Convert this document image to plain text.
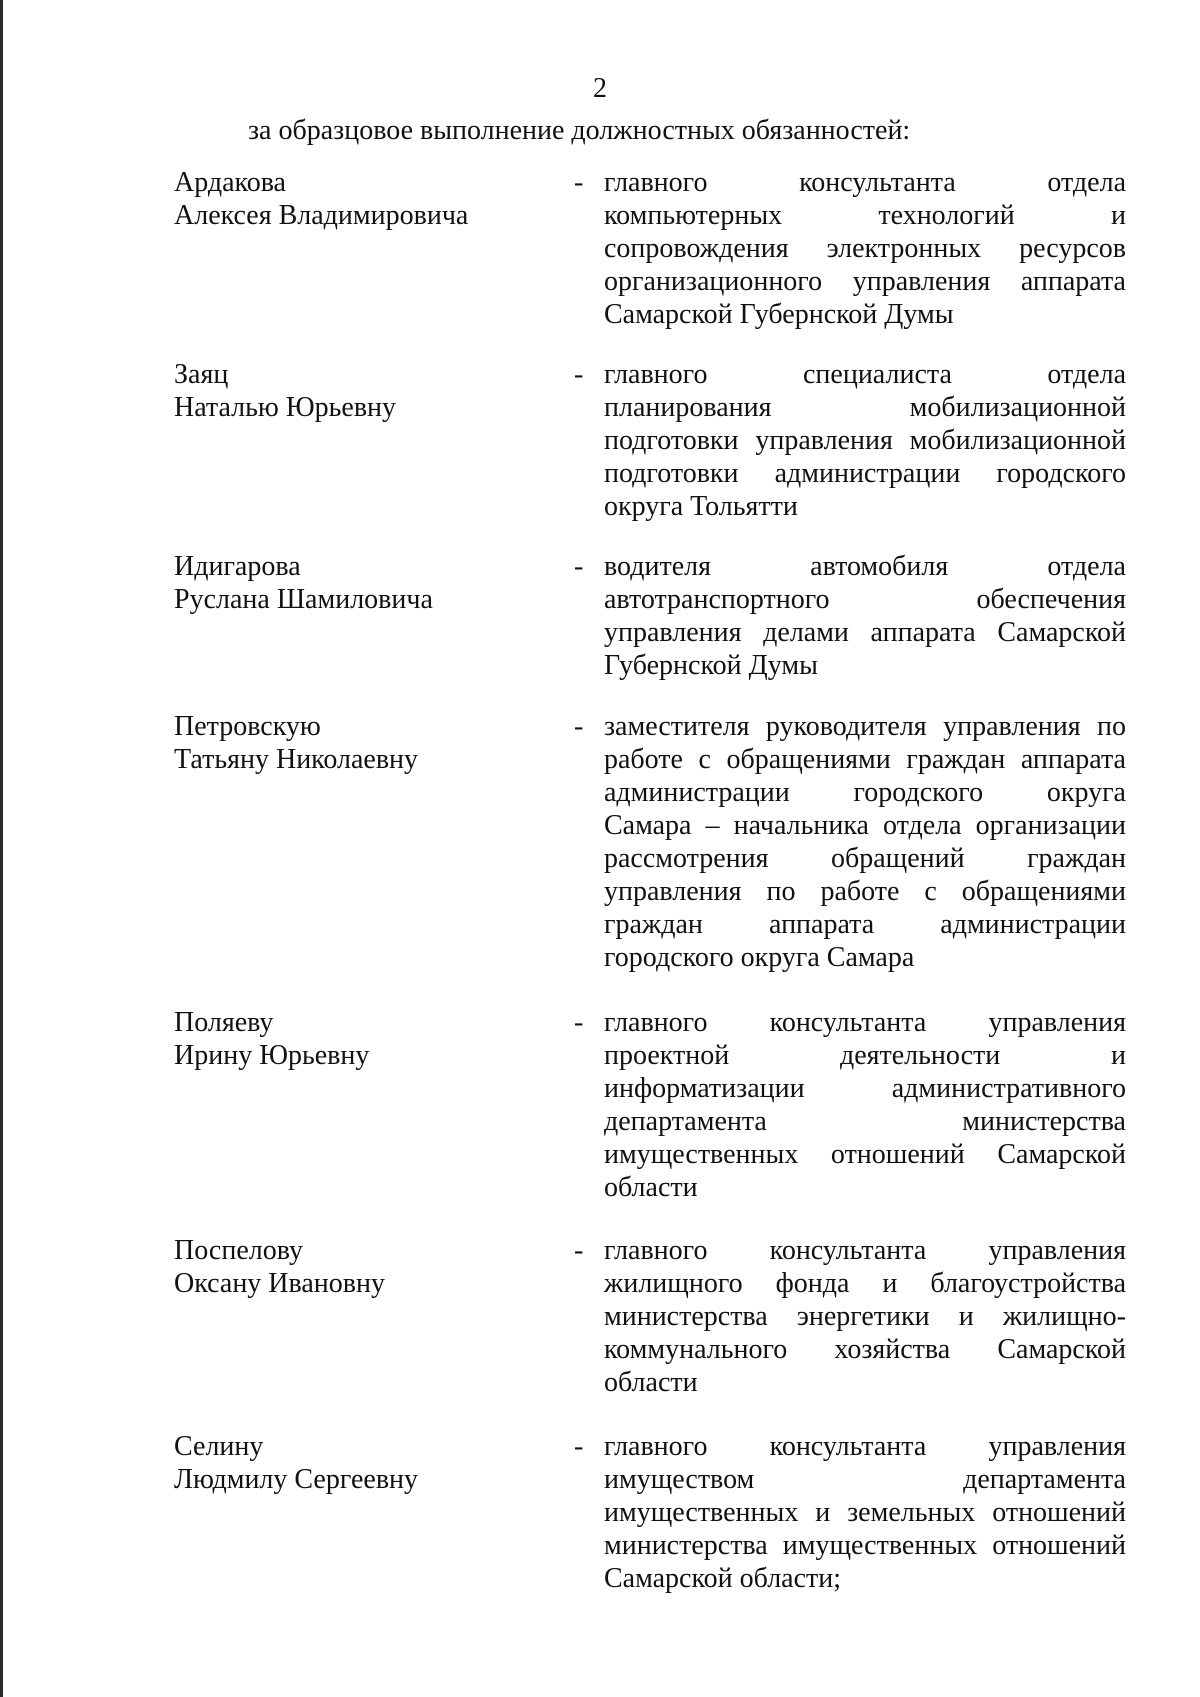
2
за образцовое выполнение должностных обязанностей:
Ардакова
Алексея Владимировича
- главного консультанта отдела
компьютерных технологий и
сопровождения электронных ресурсов
организационного управления аппарата
Самарской Губернской Думы
Заяц
Наталью Юрьевну
- главного специалиста отдела
планирования мобилизационной
подготовки управления мобилизационной
подготовки администрации городского
округа Тольятти
Идигарова
Руслана Шамиловича
- водителя автомобиля отдела
автотранспортного обеспечения
управления делами аппарата Самарской
Губернской Думы
Петровскую
Татьяну Николаевну
- заместителя руководителя управления по
работе с обращениями граждан аппарата
администрации городского округа
Самара – начальника отдела организации
рассмотрения обращений граждан
управления по работе с обращениями
граждан аппарата администрации
городского округа Самара
Поляеву
Ирину Юрьевну
- главного консультанта управления
проектной деятельности и
информатизации административного
департамента министерства
имущественных отношений Самарской
области
Поспелову
Оксану Ивановну
- главного консультанта управления
жилищного фонда и благоустройства
министерства энергетики и жилищно-
коммунального хозяйства Самарской
области
Селину
Людмилу Сергеевну
- главного консультанта управления
имуществом департамента
имущественных и земельных отношений
министерства имущественных отношений
Самарской области;
